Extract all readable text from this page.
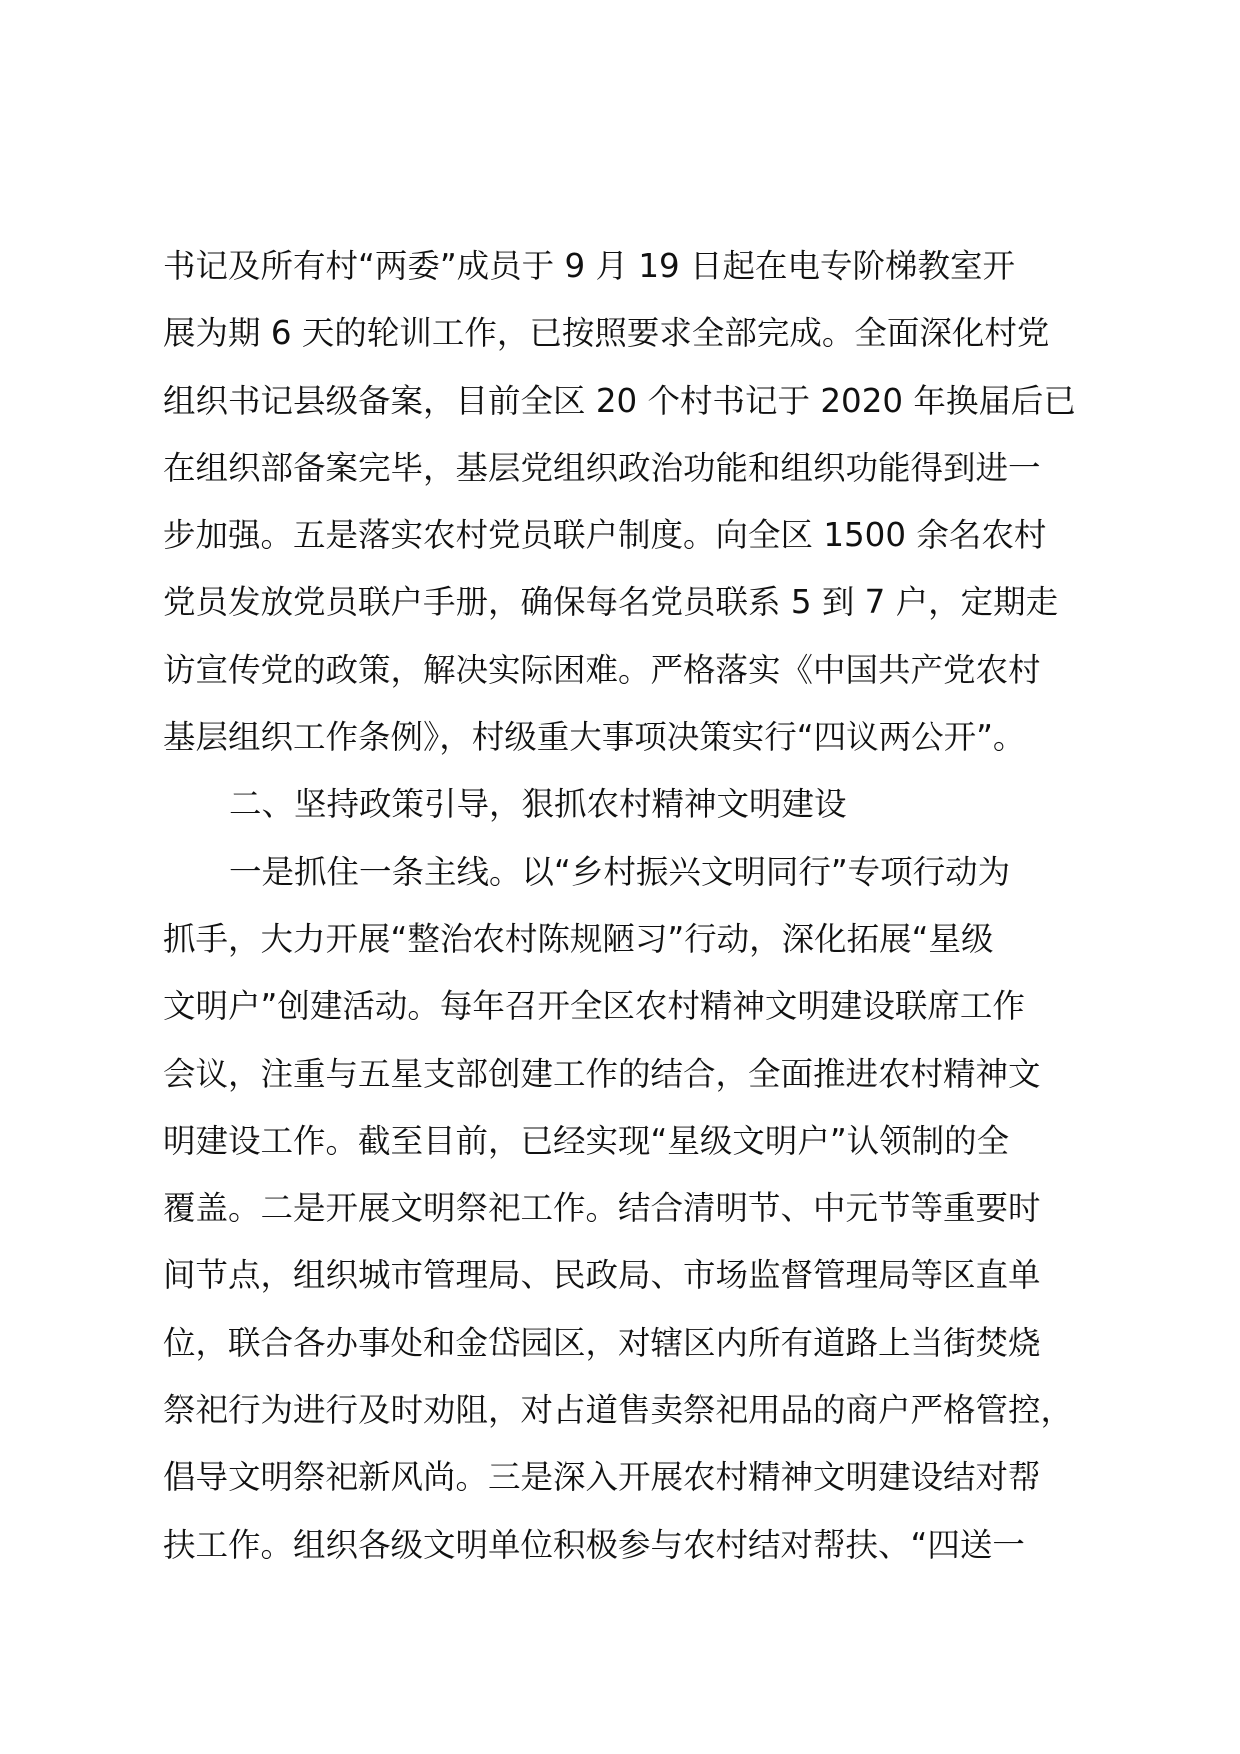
书记及所有村“两委”成员于 9 月 19 日起在电专阶梯教室开
展为期 6 天的轮训工作，已按照要求全部完成。全面深化村党
组织书记县级备案，目前全区 20 个村书记于 2020 年换届后已
在组织部备案完毕，基层党组织政治功能和组织功能得到进一
步加强。五是落实农村党员联户制度。向全区 1500 余名农村
党员发放党员联户手册，确保每名党员联系 5 到 7 户，定期走
访宣传党的政策，解决实际困难。严格落实《中国共产党农村
基层组织工作条例》，村级重大事项决策实行“四议两公开”。
二、坚持政策引导，狠抓农村精神文明建设
一是抓住一条主线。以“乡村振兴文明同行”专项行动为
抓手，大力开展“整治农村陈规陋习”行动，深化拓展“星级
文明户”创建活动。每年召开全区农村精神文明建设联席工作
会议，注重与五星支部创建工作的结合，全面推进农村精神文
明建设工作。截至目前，已经实现“星级文明户”认领制的全
覆盖。二是开展文明祭祀工作。结合清明节、中元节等重要时
间节点，组织城市管理局、民政局、市场监督管理局等区直单
位，联合各办事处和金岱园区，对辖区内所有道路上当街焚烧
祭祀行为进行及时劝阻，对占道售卖祭祀用品的商户严格管控，
倡导文明祭祀新风尚。三是深入开展农村精神文明建设结对帮
扶工作。组织各级文明单位积极参与农村结对帮扶、“四送一
